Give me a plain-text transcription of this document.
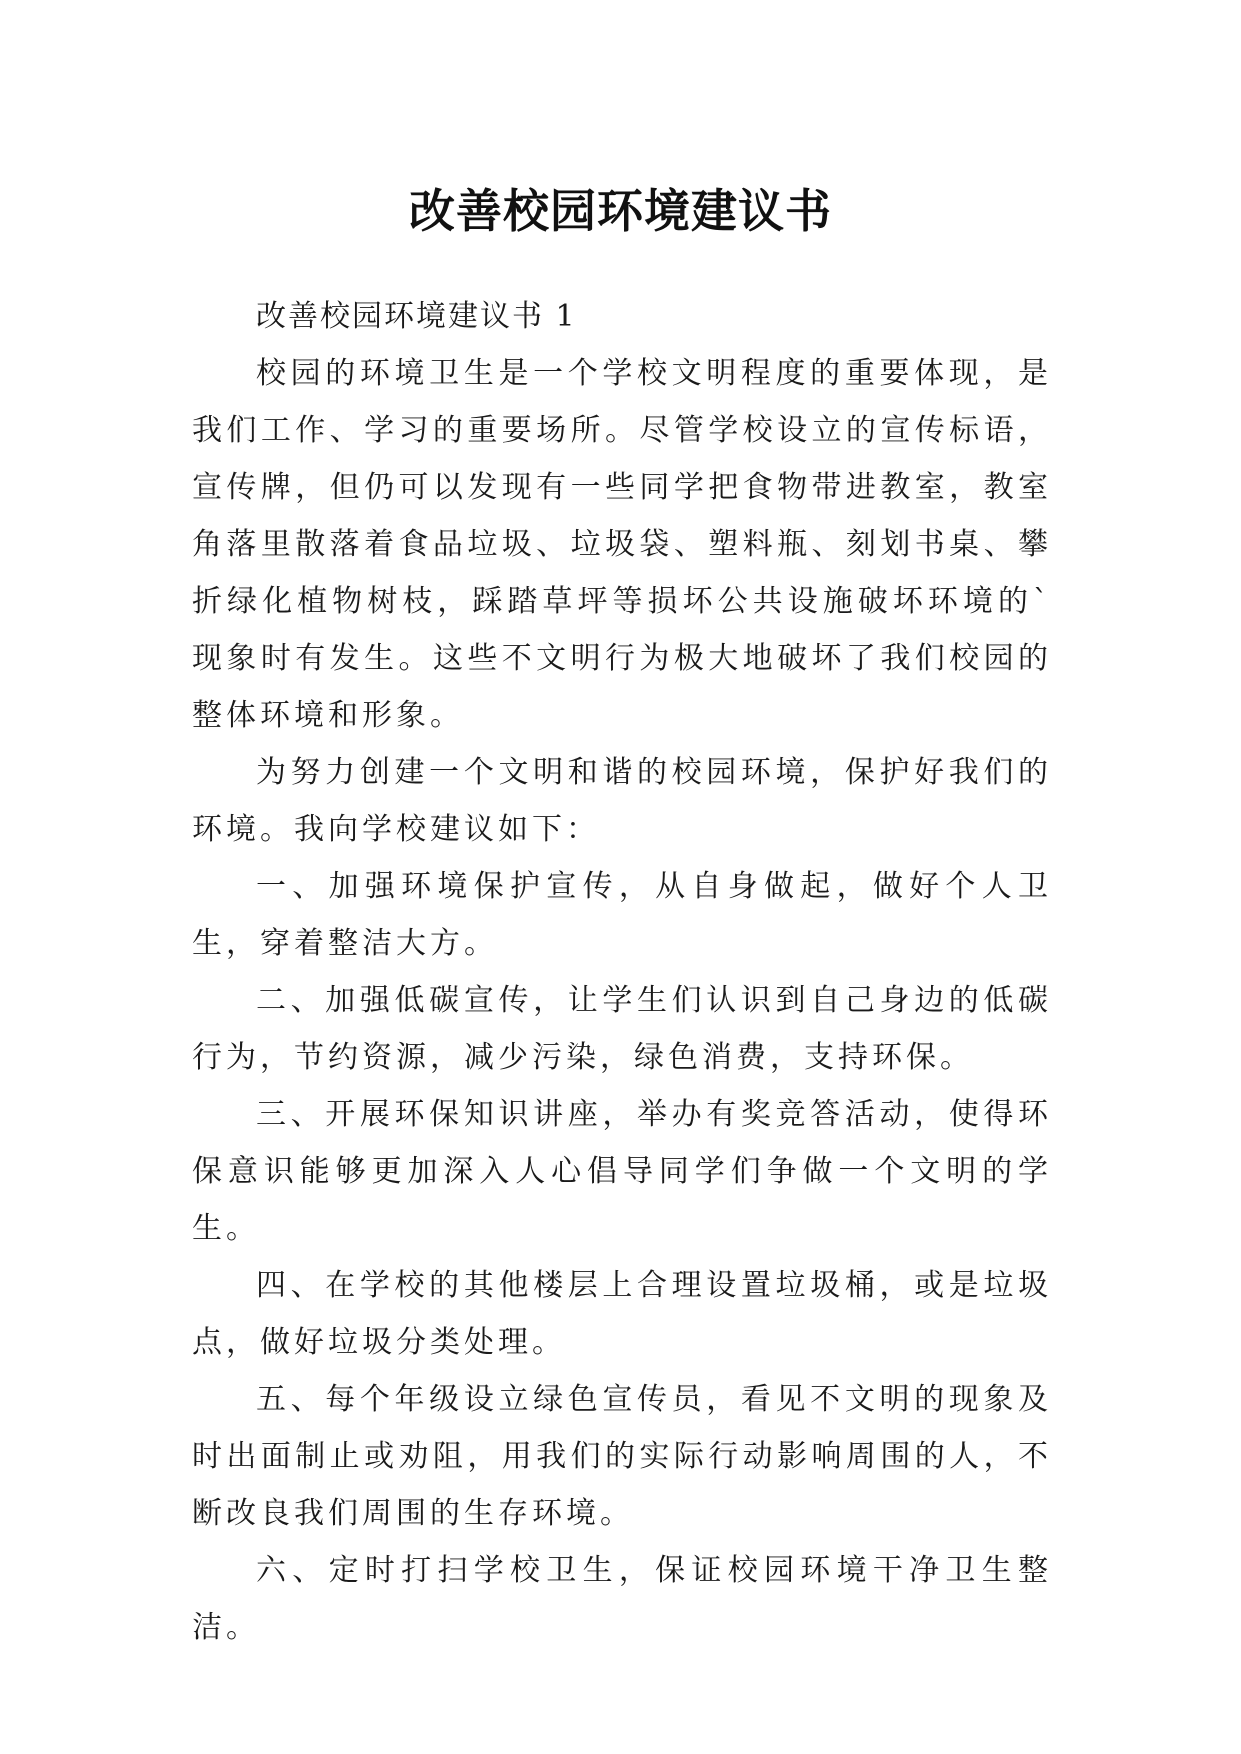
改善校园环境建议书

改善校园环境建议书 1

校园的环境卫生是一个学校文明程度的重要体现，是我们工作、学习的重要场所。尽管学校设立的宣传标语，宣传牌，但仍可以发现有一些同学把食物带进教室，教室角落里散落着食品垃圾、垃圾袋、塑料瓶、刻划书桌、攀折绿化植物树枝，踩踏草坪等损坏公共设施破坏环境的`现象时有发生。这些不文明行为极大地破坏了我们校园的整体环境和形象。

为努力创建一个文明和谐的校园环境，保护好我们的环境。我向学校建议如下：

一、加强环境保护宣传，从自身做起，做好个人卫生，穿着整洁大方。

二、加强低碳宣传，让学生们认识到自己身边的低碳行为，节约资源，减少污染，绿色消费，支持环保。

三、开展环保知识讲座，举办有奖竞答活动，使得环保意识能够更加深入人心倡导同学们争做一个文明的学生。

四、在学校的其他楼层上合理设置垃圾桶，或是垃圾点，做好垃圾分类处理。

五、每个年级设立绿色宣传员，看见不文明的现象及时出面制止或劝阻，用我们的实际行动影响周围的人，不断改良我们周围的生存环境。

六、定时打扫学校卫生，保证校园环境干净卫生整洁。
